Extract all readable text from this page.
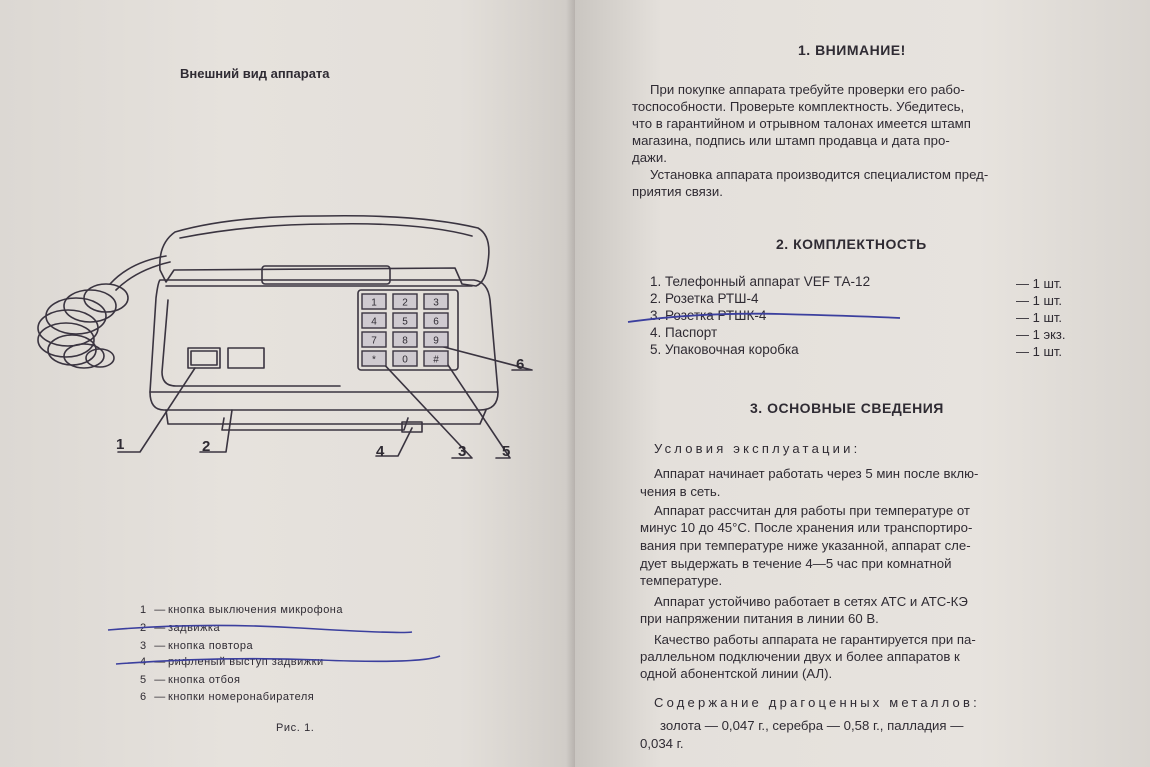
Внешний вид аппарата
1	2	3
4	5	6
7	8	9
*	0	#
1	2	3
4	5
6
1 — кнопка выключения микрофона
2 — задвижка
3 — кнопка повтора
4 — рифленый выступ задвижки
5 — кнопка отбоя
6 — кнопки номеронабирателя
Рис. 1.
1. ВНИМАНИЕ!
При покупке аппарата требуйте проверки его рабо-
тоспособности. Проверьте комплектность. Убедитесь,
что в гарантийном и отрывном талонах имеется штамп
магазина, подпись или штамп продавца и дата про-
дажи.
Установка аппарата производится специалистом пред-
приятия связи.
2. КОМПЛЕКТНОСТЬ
1. Телефонный аппарат VEF ТА-12	— 1 шт.
2. Розетка РТШ-4	— 1 шт.
3. Розетка РТШК-4	— 1 шт.
4. Паспорт	— 1 экз.
5. Упаковочная коробка	— 1 шт.
3. ОСНОВНЫЕ СВЕДЕНИЯ
Условия эксплуатации:
Аппарат начинает работать через 5 мин после вклю-
чения в сеть.
Аппарат рассчитан для работы при температуре от
минус 10 до 45°С. После хранения или транспортиро-
вания при температуре ниже указанной, аппарат сле-
дует выдержать в течение 4—5 час при комнатной
температуре.
Аппарат устойчиво работает в сетях АТС и АТС-КЭ
при напряжении питания в линии 60 В.
Качество работы аппарата не гарантируется при па-
раллельном подключении двух и более аппаратов к
одной абонентской линии (АЛ).
Содержание драгоценных металлов:
золота — 0,047 г., серебра — 0,58 г., палладия —
0,034 г.
